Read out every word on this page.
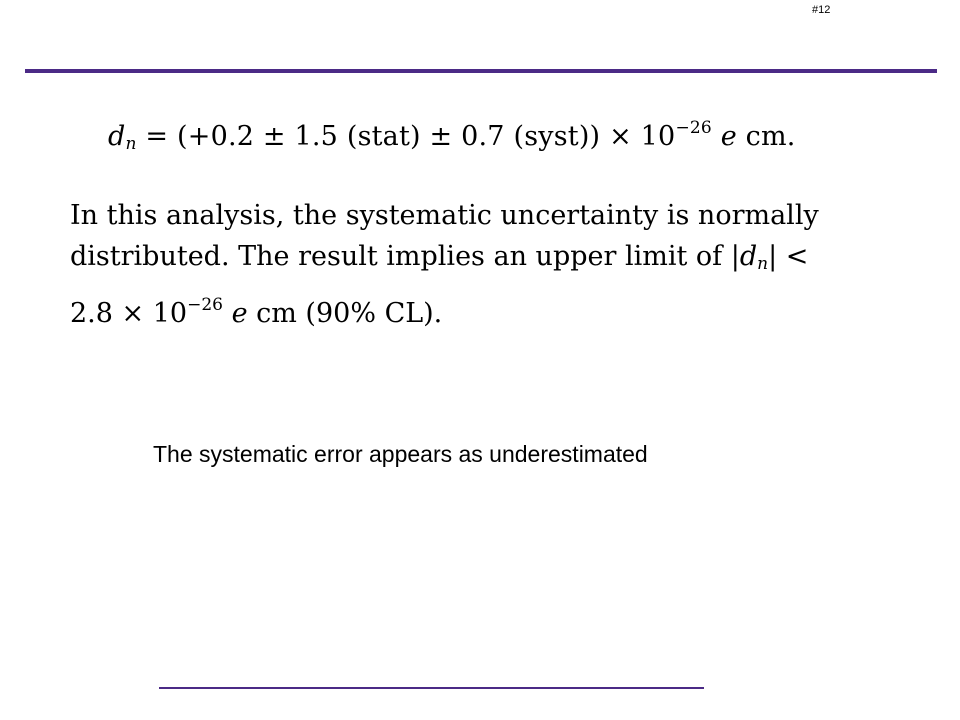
#12
$d_n = (+0.2 \pm 1.5$ (stat) ± 0.7 (syst)) × $10^{-26}$ e cm.
In this analysis, the systematic uncertainty is normally
distributed. The result implies an upper limit of $|d_n|$ <
$2.8 \times 10^{-26}$ e cm (90% CL).
The systematic error appears as underestimated
